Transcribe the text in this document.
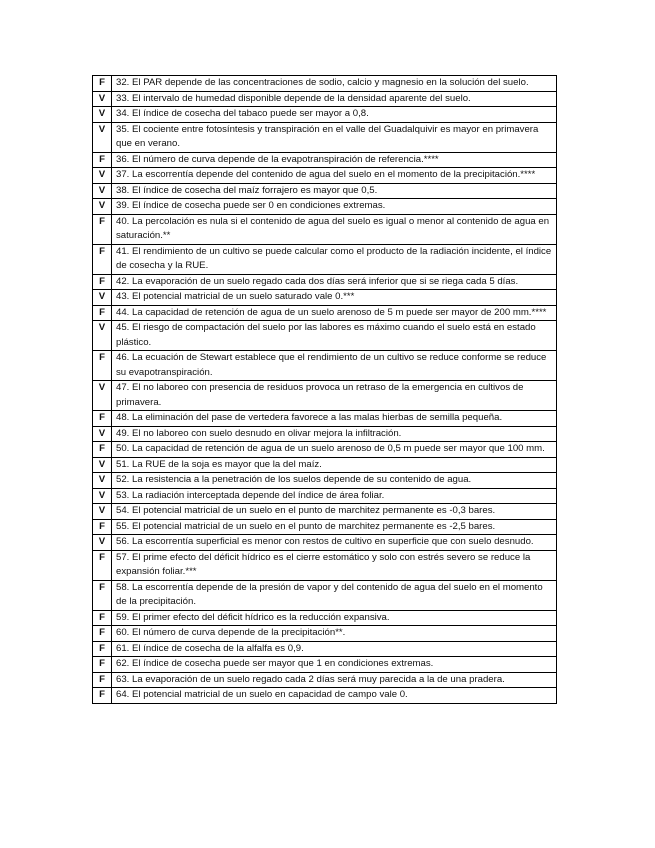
F	32. El PAR depende de las concentraciones de sodio, calcio y magnesio en la solución del suelo.
V	33. El intervalo de humedad disponible depende de la densidad aparente del suelo.
V	34. El índice de cosecha del tabaco puede ser mayor a 0,8.
V	35. El cociente entre fotosíntesis y transpiración en el valle del Guadalquivir es mayor en primavera que en verano.
F	36. El número de curva depende de la evapotranspiración de referencia.****
V	37. La escorrentía depende del contenido de agua del suelo en el momento de la precipitación.****
V	38. El índice de cosecha del maíz forrajero es mayor que 0,5.
V	39. El índice de cosecha puede ser 0 en condiciones extremas.
F	40. La percolación es nula si el contenido de agua del suelo es igual o menor al contenido de agua en saturación.**
F	41. El rendimiento de un cultivo se puede calcular como el producto de la radiación incidente, el índice de cosecha y la RUE.
F	42. La evaporación de un suelo regado cada dos días será inferior que si se riega cada 5 días.
V	43. El potencial matricial de un suelo saturado vale 0.***
F	44. La capacidad de retención de agua de un suelo arenoso de 5 m puede ser mayor de 200 mm.****
V	45. El riesgo de compactación del suelo por las labores es máximo cuando el suelo está en estado plástico.
F	46. La ecuación de Stewart establece que el rendimiento de un cultivo se reduce conforme se reduce su evapotranspiración.
V	47. El no laboreo con presencia de residuos provoca un retraso de la emergencia en cultivos de primavera.
F	48. La eliminación del pase de vertedera favorece a las malas hierbas de semilla pequeña.
V	49. El no laboreo con suelo desnudo en olivar mejora la infiltración.
F	50. La capacidad de retención de agua de un suelo arenoso de 0,5 m puede ser mayor que 100 mm.
V	51. La RUE de la soja es mayor que la del maíz.
V	52. La resistencia a la penetración de los suelos depende de su contenido de agua.
V	53. La radiación interceptada depende del índice de área foliar.
V	54. El potencial matricial de un suelo en el punto de marchitez permanente es -0,3 bares.
F	55. El potencial matricial de un suelo en el punto de marchitez permanente es -2,5 bares.
V	56. La escorrentía superficial es menor con restos de cultivo en superficie que con suelo desnudo.
F	57. El prime efecto del déficit hídrico es el cierre estomático y solo con estrés severo se reduce la expansión foliar.***
F	58. La escorrentía depende de la presión de vapor y del contenido de agua del suelo en el momento de la precipitación.
F	59. El primer efecto del déficit hídrico es la reducción expansiva.
F	60. El número de curva depende de la precipitación**.
F	61. El índice de cosecha de la alfalfa es 0,9.
F	62. El índice de cosecha puede ser mayor que 1 en condiciones extremas.
F	63. La evaporación de un suelo regado cada 2 días será muy parecida a la de una pradera.
F	64. El potencial matricial de un suelo en capacidad de campo vale 0.
